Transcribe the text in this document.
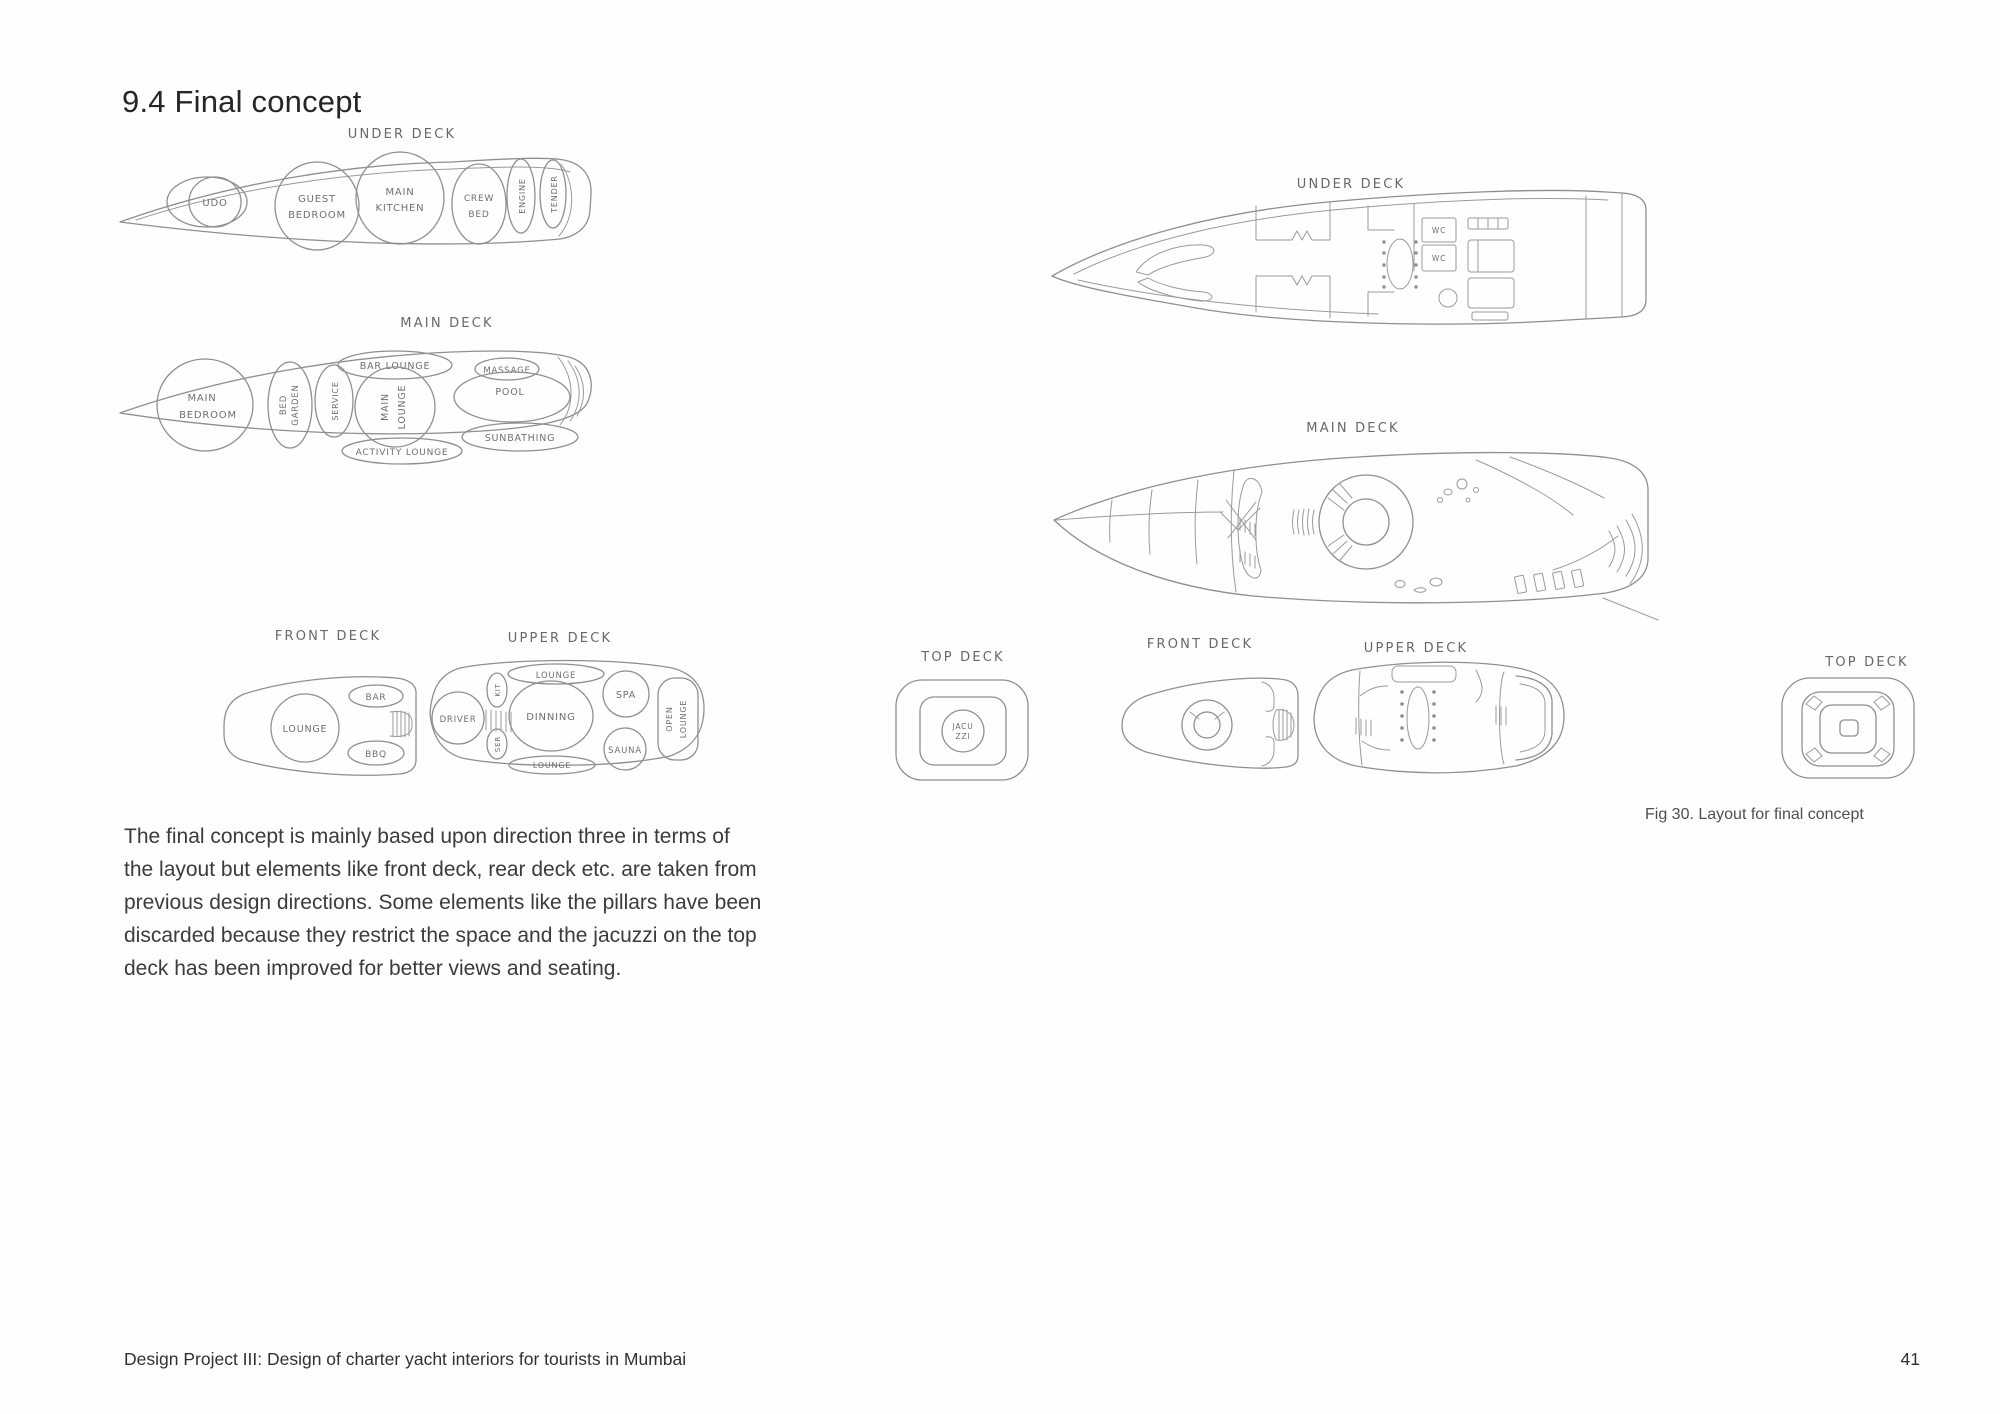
9.4 Final concept
UNDER DECK
UDO	GUEST
BEDROOM
MAIN
KITCHEN
CREW
BED
ENGINE	TENDER
MAIN DECK
MAIN
BEDROOM
BED GARDEN	SERVICE
BAR LOUNGE
MAIN LOUNGE
ACTIVITY LOUNGE
MASSAGE
POOL
SUNBATHING
FRONT DECK
LOUNGE
BAR
BBQ
UPPER DECK
DRIVER
KIT
SER
LOUNGE
DINNING
SPA
SAUNA
OPEN LOUNGE
LOUNGE
TOP DECK
JACU
ZZI
UNDER DECK
WC
WC
MAIN DECK
FRONT DECK	UPPER DECK
TOP DECK
Fig 30. Layout for final concept
The final concept is mainly based upon direction three in terms of
the layout but elements like front deck, rear deck etc. are taken from
previous design directions. Some elements like the pillars have been
discarded because they restrict the space and the jacuzzi on the top
deck has been improved for better views and seating.
Design Project III: Design of charter yacht interiors for tourists in Mumbai	41
